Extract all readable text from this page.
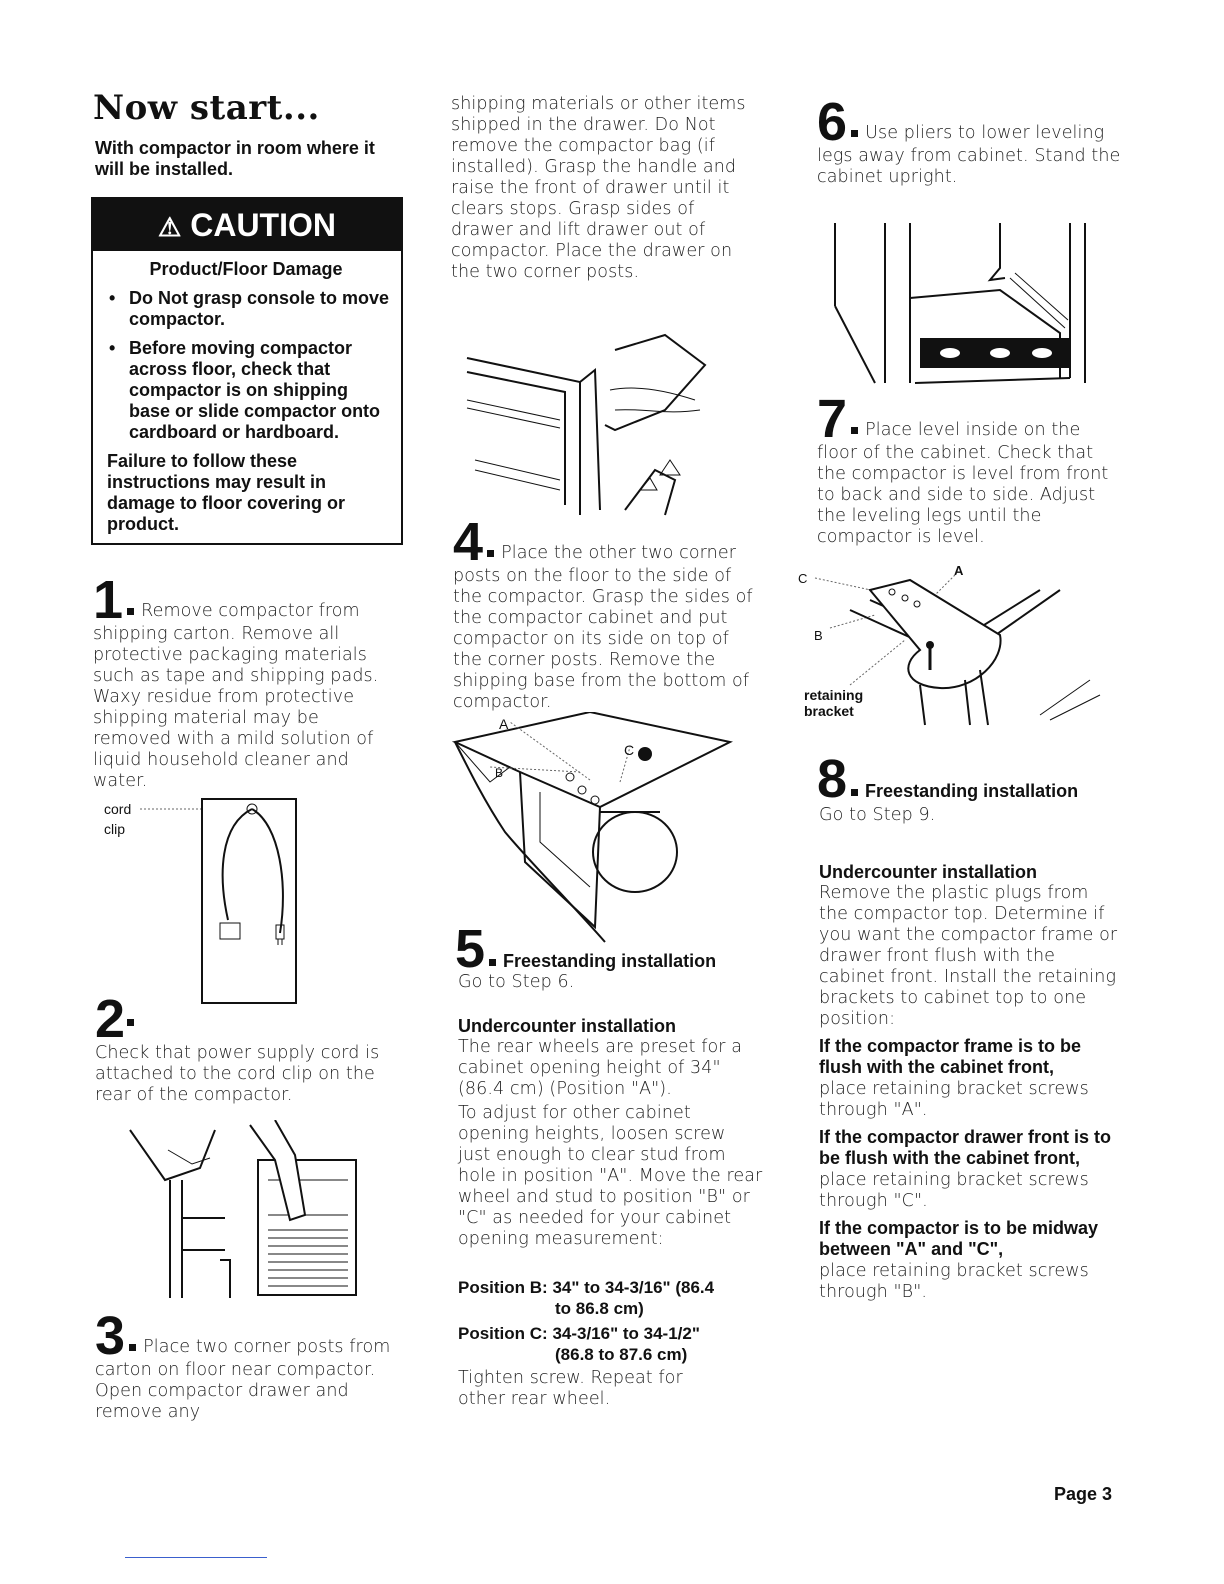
Now start...
With compactor in room where it will be installed.
⚠ CAUTION
Product/Floor Damage
• Do Not grasp console to move compactor.
• Before moving compactor across floor, check that compactor is on shipping base or slide compactor onto cardboard or hardboard.
Failure to follow these instructions may result in damage to floor covering or product.
1 Remove compactor from shipping carton. Remove all protective packaging materials such as tape and shipping pads. Waxy residue from protective shipping material may be removed with a mild solution of liquid household cleaner and water.
cord
clip
2
Check that power supply cord is attached to the cord clip on the rear of the compactor.
3 Place two corner posts from carton on floor near compactor. Open compactor drawer and remove any
shipping materials or other items shipped in the drawer. Do Not remove the compactor bag (if installed). Grasp the handle and raise the front of drawer until it clears stops. Grasp sides of drawer and lift drawer out of compactor. Place the drawer on the two corner posts.
4 Place the other two corner posts on the floor to the side of the compactor. Grasp the sides of the compactor cabinet and put compactor on its side on top of the corner posts. Remove the shipping base from the bottom of compactor.
A
B
C
5 Freestanding installation
Go to Step 6.
Undercounter installation
The rear wheels are preset for a cabinet opening height of 34" (86.4 cm) (Position "A").
To adjust for other cabinet opening heights, loosen screw just enough to clear stud from hole in position "A". Move the rear wheel and stud to position "B" or "C" as needed for your cabinet opening measurement:
Position B: 34" to 34-3/16" (86.4
to 86.8 cm)
Position C: 34-3/16" to 34-1/2"
(86.8 to 87.6 cm)
Tighten screw. Repeat for other rear wheel.
6 Use pliers to lower leveling legs away from cabinet. Stand the cabinet upright.
7 Place level inside on the floor of the cabinet. Check that the compactor is level from front to back and side to side. Adjust the leveling legs until the compactor is level.
C
A
B
retaining
bracket
8 Freestanding installation
Go to Step 9.
Undercounter installation
Remove the plastic plugs from the compactor top. Determine if you want the compactor frame or drawer front flush with the cabinet front. Install the retaining brackets to cabinet top to one position:
If the compactor frame is to be flush with the cabinet front,
place retaining bracket screws through "A".
If the compactor drawer front is to be flush with the cabinet front,
place retaining bracket screws through "C".
If the compactor is to be midway between "A" and "C",
place retaining bracket screws through "B".
Page 3
